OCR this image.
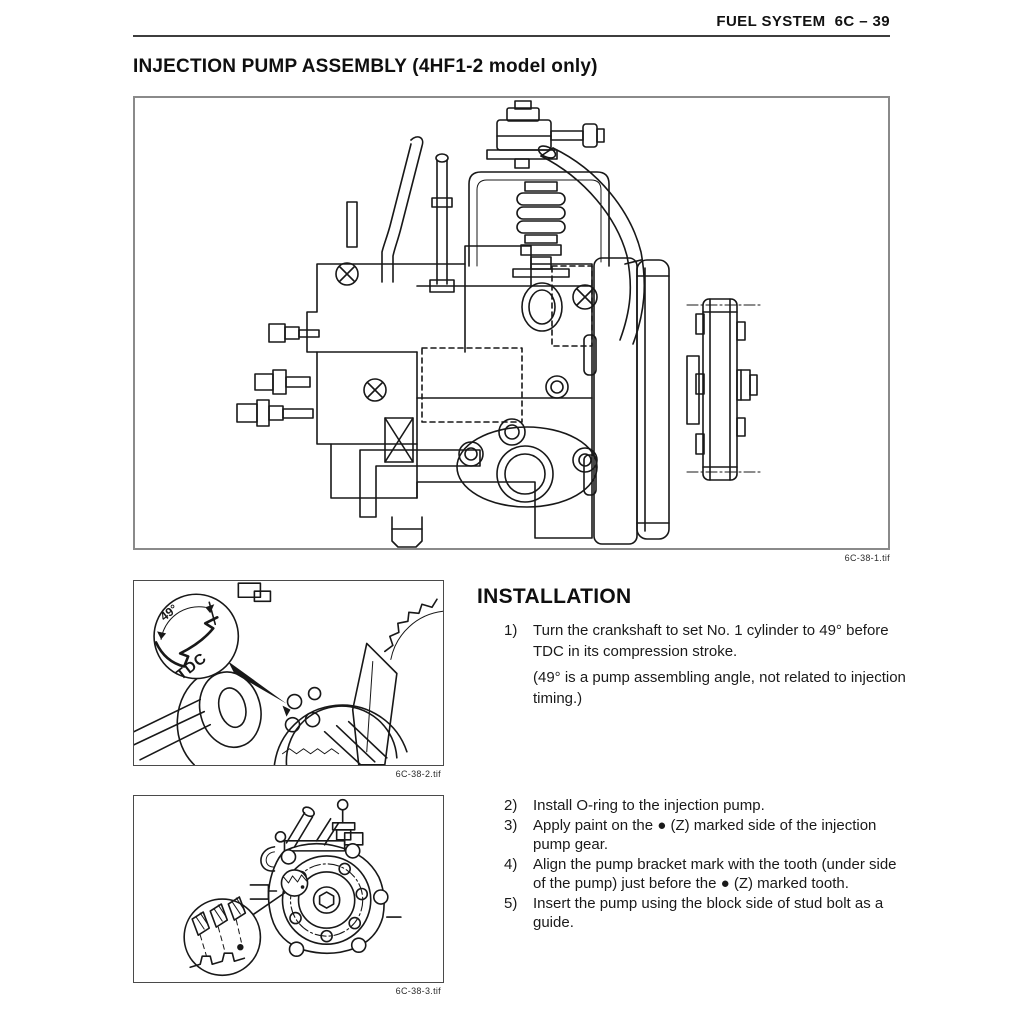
FUEL SYSTEM  6C – 39
INJECTION PUMP ASSEMBLY (4HF1-2 model only)
6C-38-1.tif
49°
TDC
6C-38-2.tif
6C-38-3.tif
INSTALLATION
1)	Turn the crankshaft to set No. 1 cylinder to 49° before TDC in its compression stroke.
(49° is a pump assembling angle, not related to injection timing.)
2)	Install O-ring to the injection pump.
3)	Apply paint on the ● (Z) marked side of the injection pump gear.
4)	Align the pump bracket mark with the tooth (under side of the pump) just before the ● (Z) marked tooth.
5)	Insert the pump using the block side of stud bolt as a guide.
